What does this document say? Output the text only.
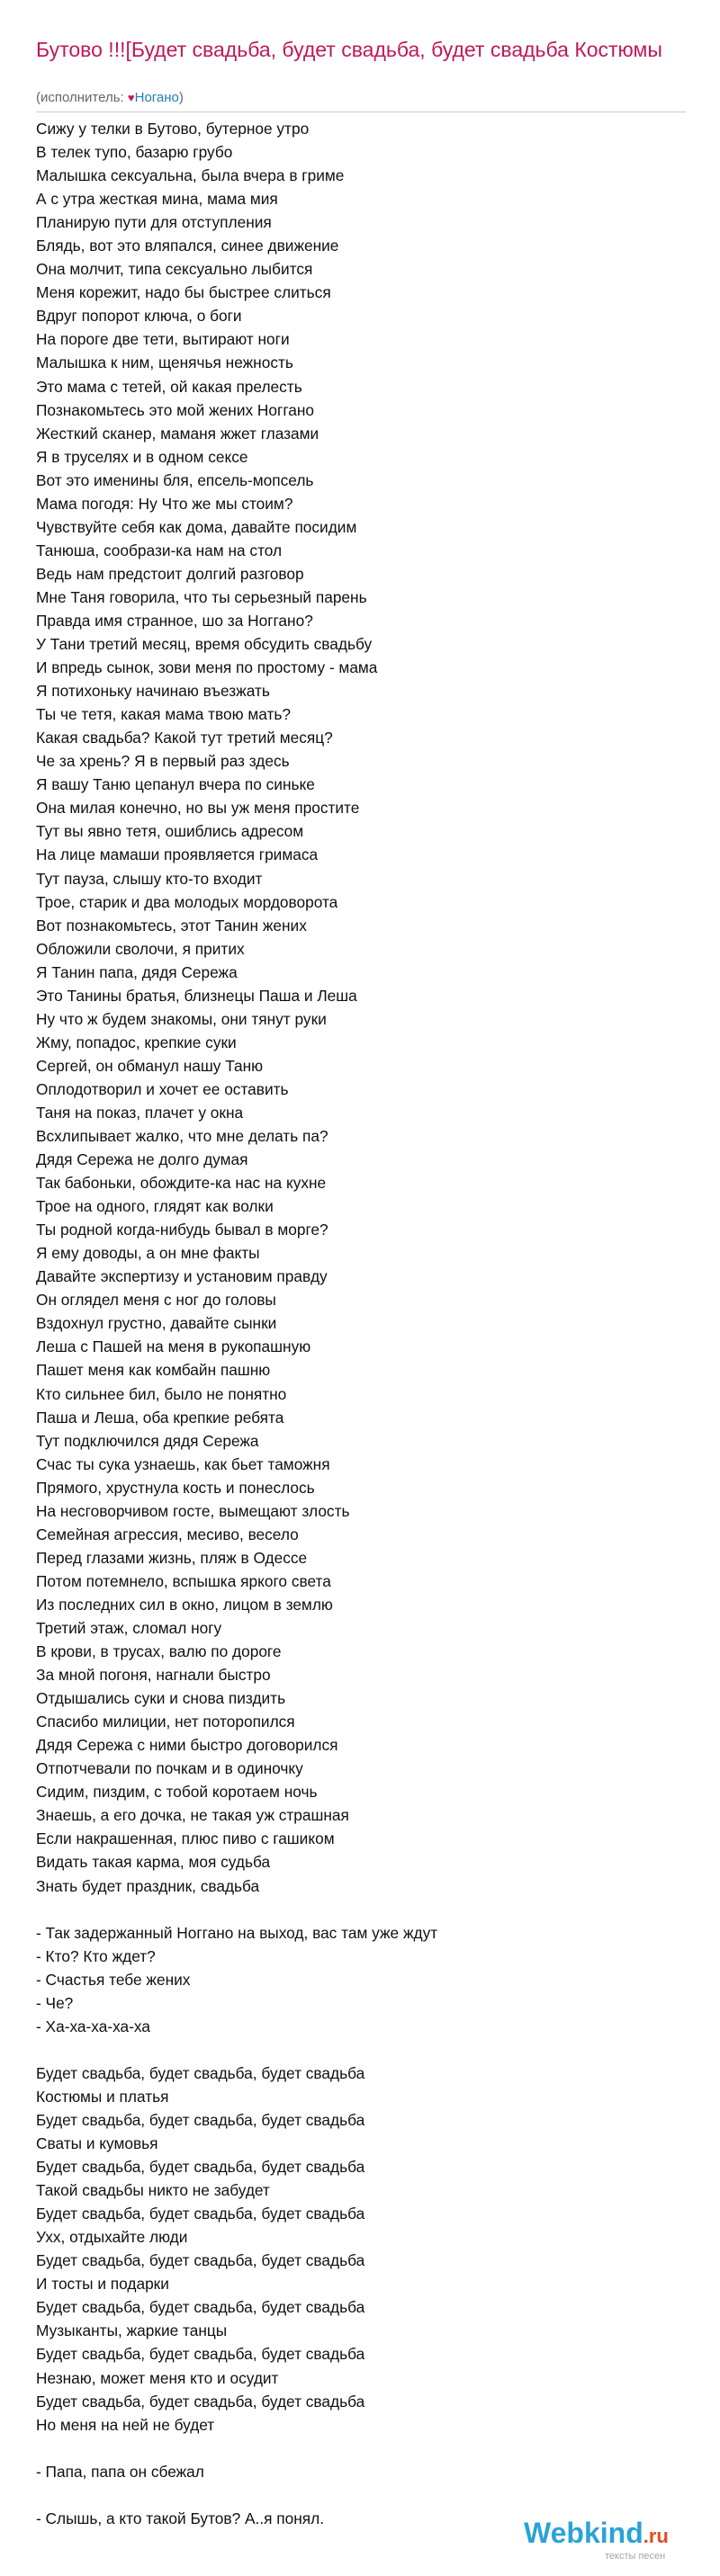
Бутово !!![Будет свадьба, будет свадьба, будет свадьба Костюмы
(исполнитель: ♥Ногано)
Сижу у телки в Бутово, бутерное утро
В телек тупо, базарю грубо
Малышка сексуальна, была вчера в гриме
А с утра жесткая мина, мама мия
Планирую пути для отступления
Блядь, вот это вляпался, синее движение
Она молчит, типа сексуально лыбится
Меня корежит, надо бы быстрее слиться
Вдруг попорот ключа, о боги
На пороге две тети, вытирают ноги
Малышка к ним, щенячья нежность
Это мама с тетей, ой какая прелесть
Познакомьтесь это мой жених Ноггано
Жесткий сканер, маманя жжет глазами
Я в труселях и в одном сексе
Вот это именины бля, епсель-мопсель
Мама погодя: Ну Что же мы стоим?
Чувствуйте себя как дома, давайте посидим
Танюша, сообрази-ка нам на стол
Ведь нам предстоит долгий разговор
Мне Таня говорила, что ты серьезный парень
Правда имя странное, шо за Ноггано?
У Тани третий месяц, время обсудить свадьбу
И впредь сынок, зови меня по простому - мама
Я потихоньку начинаю въезжать
Ты че тетя, какая мама твою мать?
Какая свадьба? Какой тут третий месяц?
Че за хрень? Я в первый раз здесь
Я вашу Таню цепанул вчера по синьке
Она милая конечно, но вы уж меня простите
Тут вы явно тетя, ошиблись адресом
На лице мамаши проявляется гримаса
Тут пауза, слышу кто-то входит
Трое, старик и два молодых мордоворота
Вот познакомьтесь, этот Танин жених
Обложили сволочи, я притих
Я Танин папа, дядя Сережа
Это Танины братья, близнецы Паша и Леша
Ну что ж будем знакомы, они тянут руки
Жму, попадос, крепкие суки
Сергей, он обманул нашу Таню
Оплодотворил и хочет ее оставить
Таня на показ, плачет у окна
Всхлипывает жалко, что мне делать па?
Дядя Сережа не долго думая
Так бабоньки, обождите-ка нас на кухне
Трое на одного, глядят как волки
Ты родной когда-нибудь бывал в морге?
Я ему доводы, а он мне факты
Давайте экспертизу и установим правду
Он оглядел меня с ног до головы
Вздохнул грустно, давайте сынки
Леша с Пашей на меня в рукопашную
Пашет меня как комбайн пашню
Кто сильнее бил, было не понятно
Паша и Леша, оба крепкие ребята
Тут подключился дядя Сережа
Счас ты сука узнаешь, как бьет таможня
Прямого, хрустнула кость и понеслось
На несговорчивом госте, вымещают злость
Семейная агрессия, месиво, весело
Перед глазами жизнь, пляж в Одессе
Потом потемнело, вспышка яркого света
Из последних сил в окно, лицом в землю
Третий этаж, сломал ногу
В крови, в трусах, валю по дороге
За мной погоня, нагнали быстро
Отдышались суки и снова пиздить
Спасибо милиции, нет поторопился
Дядя Сережа с ними быстро договорился
Отпотчевали по почкам и в одиночку
Сидим, пиздим, с тобой коротаем ночь
Знаешь, а его дочка, не такая уж страшная
Если накрашенная, плюс пиво с гашиком
Видать такая карма, моя судьба
Знать будет праздник, свадьба
- Так задержанный Ноггано на выход, вас там уже ждут
- Кто? Кто ждет?
- Счастья тебе жених
- Че?
- Ха-ха-ха-ха-ха
Будет свадьба, будет свадьба, будет свадьба
Костюмы и платья
Будет свадьба, будет свадьба, будет свадьба
Сваты и кумовья
Будет свадьба, будет свадьба, будет свадьба
Такой свадьбы никто не забудет
Будет свадьба, будет свадьба, будет свадьба
Ухх, отдыхайте люди
Будет свадьба, будет свадьба, будет свадьба
И тосты и подарки
Будет свадьба, будет свадьба, будет свадьба
Музыканты, жаркие танцы
Будет свадьба, будет свадьба, будет свадьба
Незнаю, может меня кто и осудит
Будет свадьба, будет свадьба, будет свадьба
Но меня на ней не будет
- Папа, папа он сбежал
- Слышь, а кто такой Бутов? А..я понял.	Webkind.ru
тексты песен
